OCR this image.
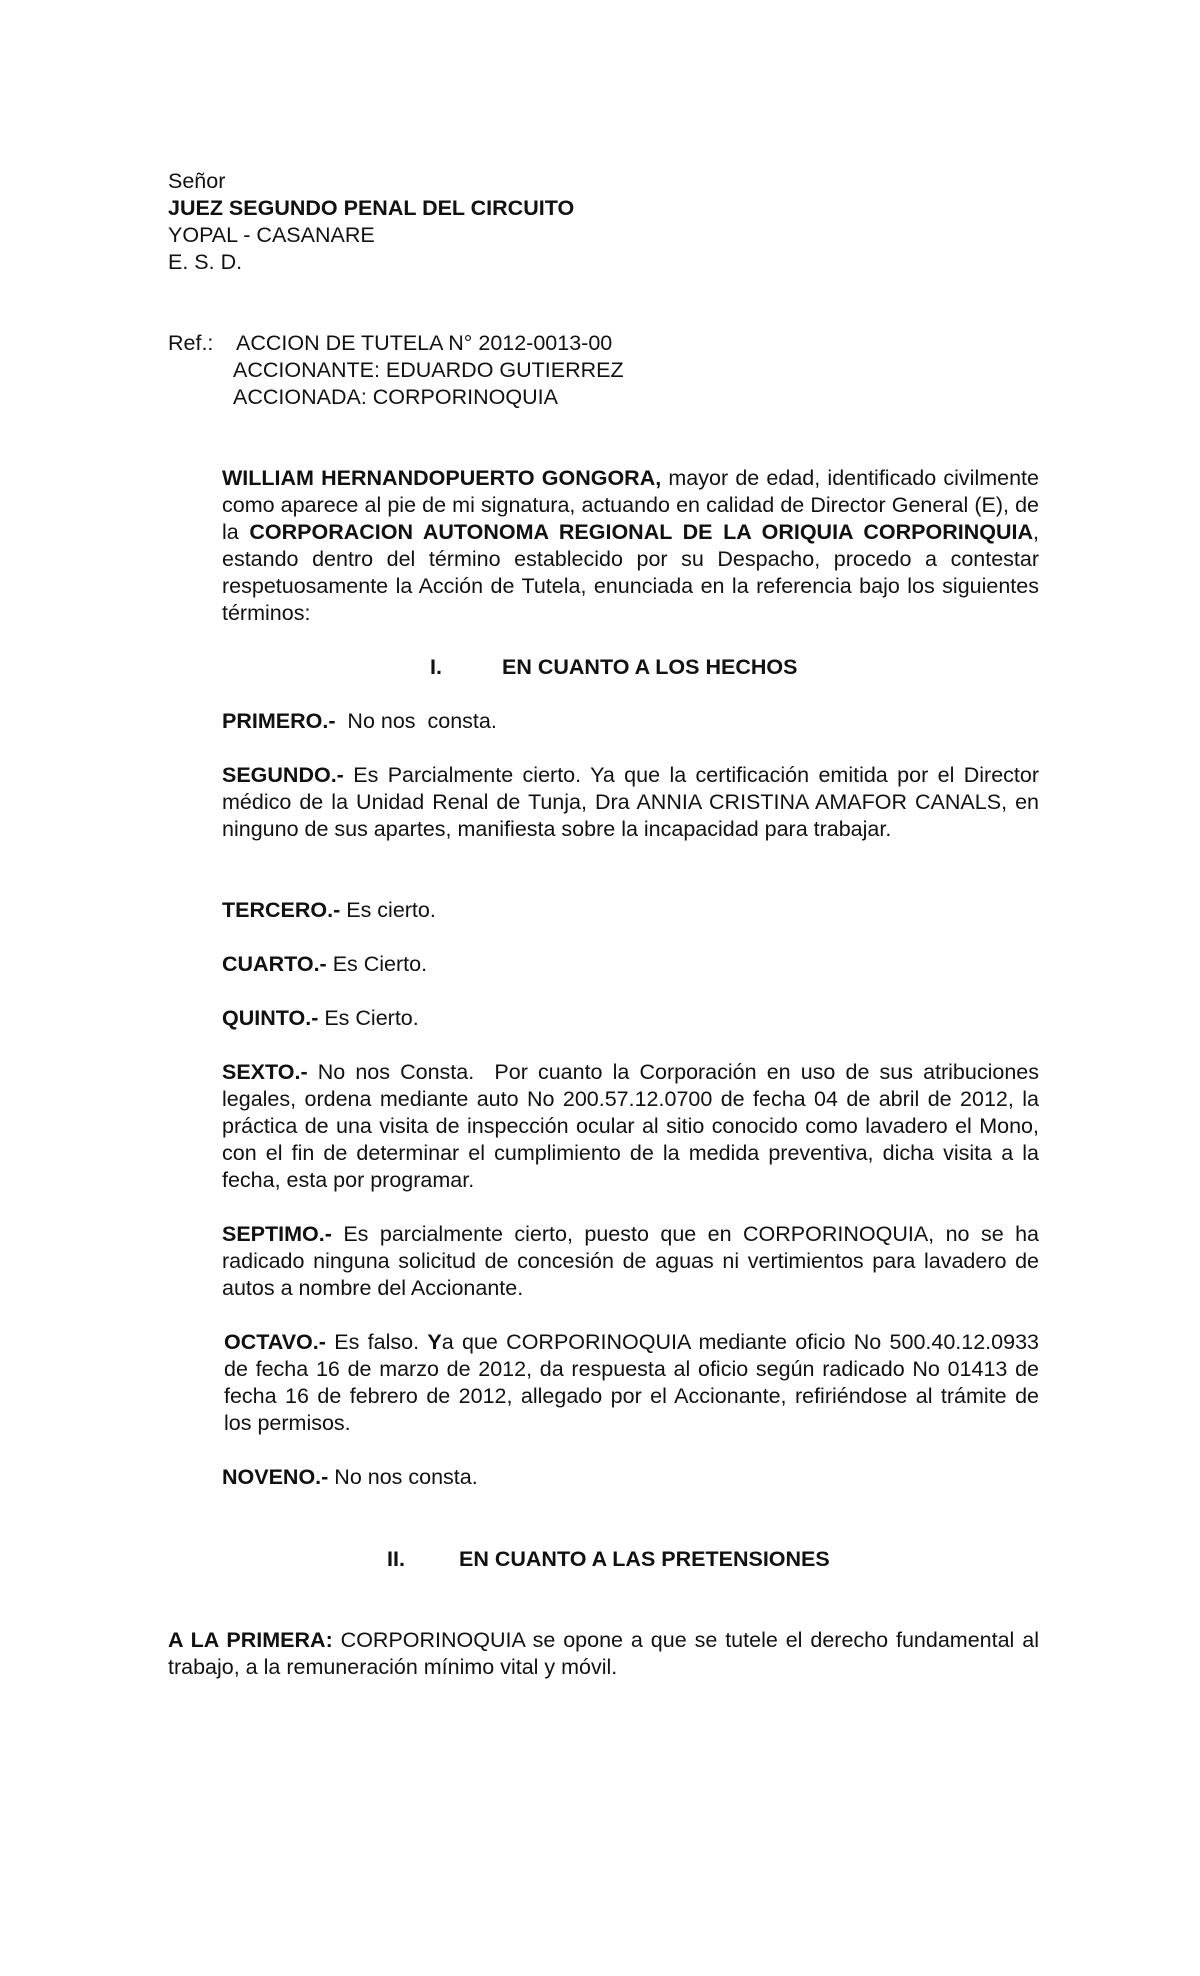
Señor
JUEZ SEGUNDO PENAL DEL CIRCUITO
YOPAL - CASANARE
E. S. D.
Ref.: ACCION DE TUTELA N° 2012-0013-00
ACCIONANTE: EDUARDO GUTIERREZ
ACCIONADA: CORPORINOQUIA

WILLIAM HERNANDOPUERTO GONGORA, mayor de edad, identificado civilmente como aparece al pie de mi signatura, actuando en calidad de Director General (E), de la CORPORACION AUTONOMA REGIONAL DE LA ORIQUIA CORPORINQUIA, estando dentro del término establecido por su Despacho, procedo a contestar respetuosamente la Acción de Tutela, enunciada en la referencia bajo los siguientes términos:

I.	EN CUANTO A LOS HECHOS

PRIMERO.-  No nos  consta.

SEGUNDO.- Es Parcialmente cierto. Ya que la certificación emitida por el Director médico de la Unidad Renal de Tunja, Dra ANNIA CRISTINA AMAFOR CANALS, en ninguno de sus apartes, manifiesta sobre la incapacidad para trabajar.

TERCERO.- Es cierto.

CUARTO.- Es Cierto.

QUINTO.- Es Cierto.

SEXTO.- No nos Consta.  Por cuanto la Corporación en uso de sus atribuciones legales, ordena mediante auto No 200.57.12.0700 de fecha 04 de abril de 2012, la práctica de una visita de inspección ocular al sitio conocido como lavadero el Mono, con el fin de determinar el cumplimiento de la medida preventiva, dicha visita a la fecha, esta por programar.

SEPTIMO.- Es parcialmente cierto, puesto que en CORPORINOQUIA, no se ha radicado ninguna solicitud de concesión de aguas ni vertimientos para lavadero de autos a nombre del Accionante.

OCTAVO.- Es falso. Ya que CORPORINOQUIA mediante oficio No 500.40.12.0933 de fecha 16 de marzo de 2012, da respuesta al oficio según radicado No 01413 de fecha 16 de febrero de 2012, allegado por el Accionante, refiriéndose al trámite de los permisos.

NOVENO.- No nos consta.

II.	EN CUANTO A LAS PRETENSIONES

A LA PRIMERA: CORPORINOQUIA se opone a que se tutele el derecho fundamental al trabajo, a la remuneración mínimo vital y móvil.
